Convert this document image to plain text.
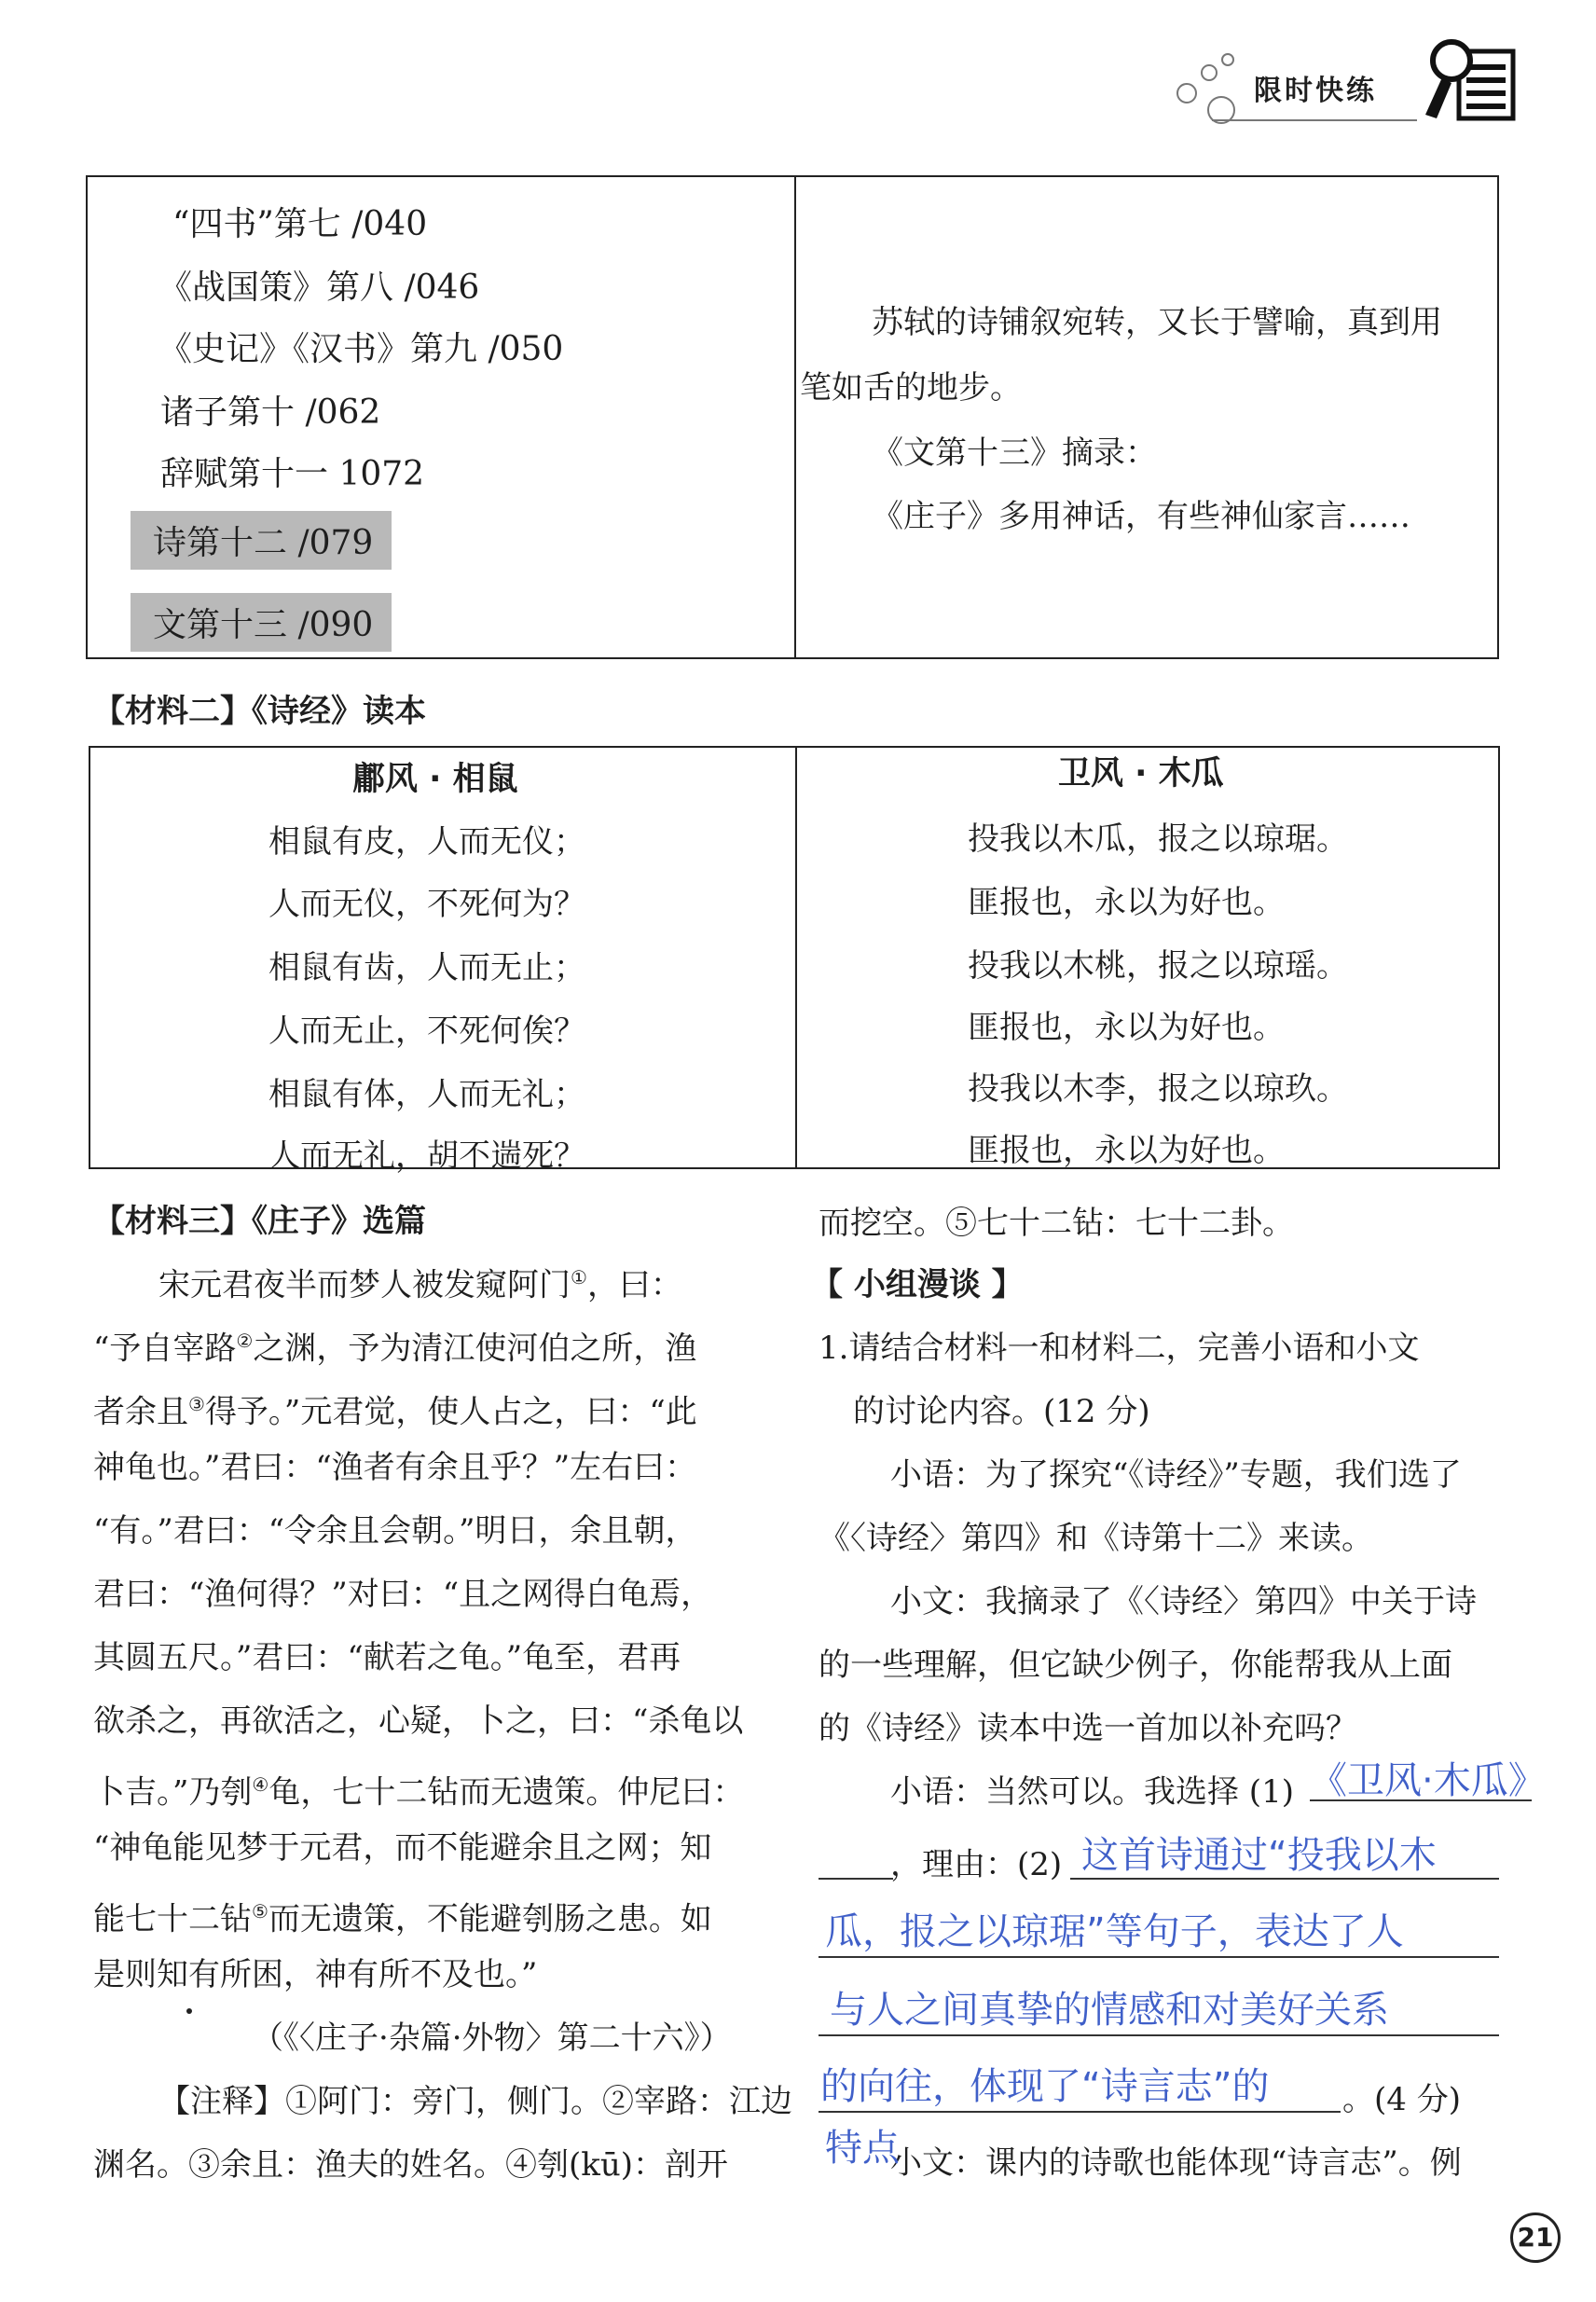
限时快练
“四书”第七 /040
《战国策》第八 /046
《史记》《汉书》第九 /050
诸子第十 /062
辞赋第十一 1072
诗第十二 /079
文第十三 /090
苏轼的诗铺叙宛转，又长于譬喻，真到用
笔如舌的地步。
《文第十三》摘录：
《庄子》多用神话，有些神仙家言……
【材料二】《诗经》读本
鄘风 · 相鼠
相鼠有皮，人而无仪；
人而无仪，不死何为？
相鼠有齿，人而无止；
人而无止，不死何俟？
相鼠有体，人而无礼；
人而无礼，胡不遄死？
卫风 · 木瓜
投我以木瓜，报之以琼琚。
匪报也，永以为好也。
投我以木桃，报之以琼瑶。
匪报也，永以为好也。
投我以木李，报之以琼玖。
匪报也，永以为好也。
【材料三】《庄子》选篇
宋元君夜半而梦人被发窥阿门①，曰：
“予自宰路②之渊，予为清江使河伯之所，渔
者余且③得予。”元君觉，使人占之，曰：“此
神龟也。”君曰：“渔者有余且乎？”左右曰：
“有。”君曰：“令余且会朝。”明日，余且朝，
君曰：“渔何得？”对曰：“且之网得白龟焉，
其圆五尺。”君曰：“献若之龟。”龟至，君再
欲杀之，再欲活之，心疑，卜之，曰：“杀龟以
卜吉。”乃刳④龟，七十二钻而无遗策。仲尼曰：
“神龟能见梦于元君，而不能避余且之网；知
能七十二钻⑤而无遗策，不能避刳肠之患。如
是则知有所困，神有所不及也。”
（《〈庄子·杂篇·外物〉第二十六》）
【注释】①阿门：旁门，侧门。②宰路：江边
渊名。③余且：渔夫的姓名。④刳(kū)：剖开
而挖空。⑤七十二钻：七十二卦。
【 小组漫谈 】
1.请结合材料一和材料二，完善小语和小文
的讨论内容。(12 分)
小语：为了探究“《诗经》”专题，我们选了
《〈诗经〉第四》和《诗第十二》来读。
小文：我摘录了《〈诗经〉第四》中关于诗
的一些理解，但它缺少例子，你能帮我从上面
的《诗经》读本中选一首加以补充吗？
小语：当然可以。我选择 (1) 《卫风·木瓜》
，理由：(2) 这首诗通过“投我以木
瓜，报之以琼琚”等句子，表达了人
与人之间真挚的情感和对美好关系
的向往，体现了“诗言志”的 。(4 分)
小文：课内的诗歌也能体现“诗言志”。例
特点
21
